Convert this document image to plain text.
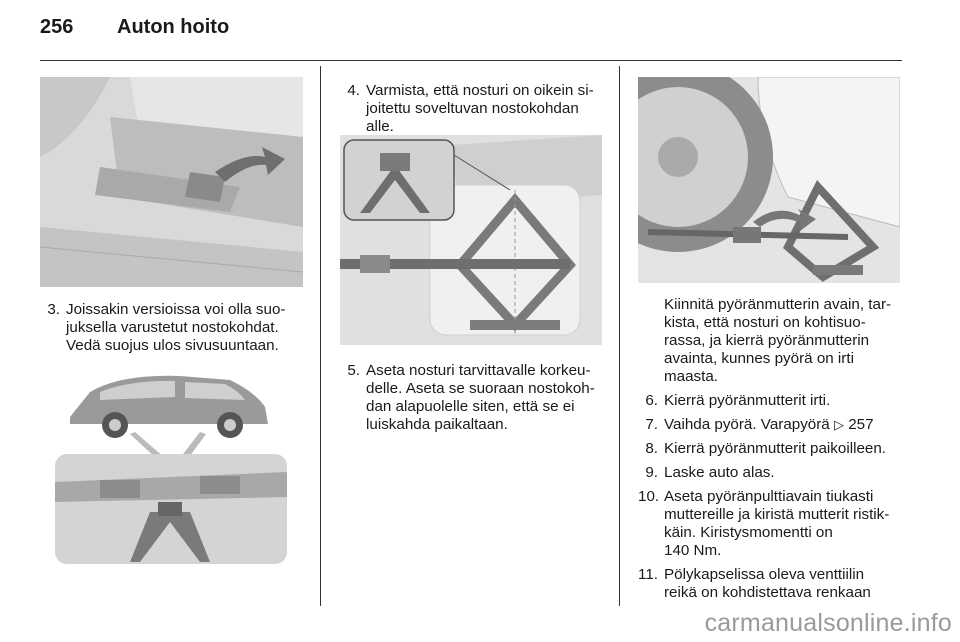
256 Auton hoito
3. Joissakin versioissa voi olla suo-
juksella varustetut nostokohdat.
Vedä suojus ulos sivusuuntaan.
4. Varmista, että nosturi on oikein si-
joitettu soveltuvan nostokohdan
alle.
5. Aseta nosturi tarvittavalle korkeu-
delle. Aseta se suoraan nostokoh-
dan alapuolelle siten, että se ei
luiskahda paikaltaan.
Kiinnitä pyöränmutterin avain, tar-
kista, että nosturi on kohtisuo-
rassa, ja kierrä pyöränmutterin
avainta, kunnes pyörä on irti
maasta.
6. Kierrä pyöränmutterit irti.
7. Vaihda pyörä. Varapyörä ▷ 257
8. Kierrä pyöränmutterit paikoilleen.
9. Laske auto alas.
10. Aseta pyöränpulttiavain tiukasti
muttereille ja kiristä mutterit ristik-
käin. Kiristysmomentti on
140 Nm.
11. Pölykapselissa oleva venttiilin
reikä on kohdistettava renkaan
carmanualsonline.info
